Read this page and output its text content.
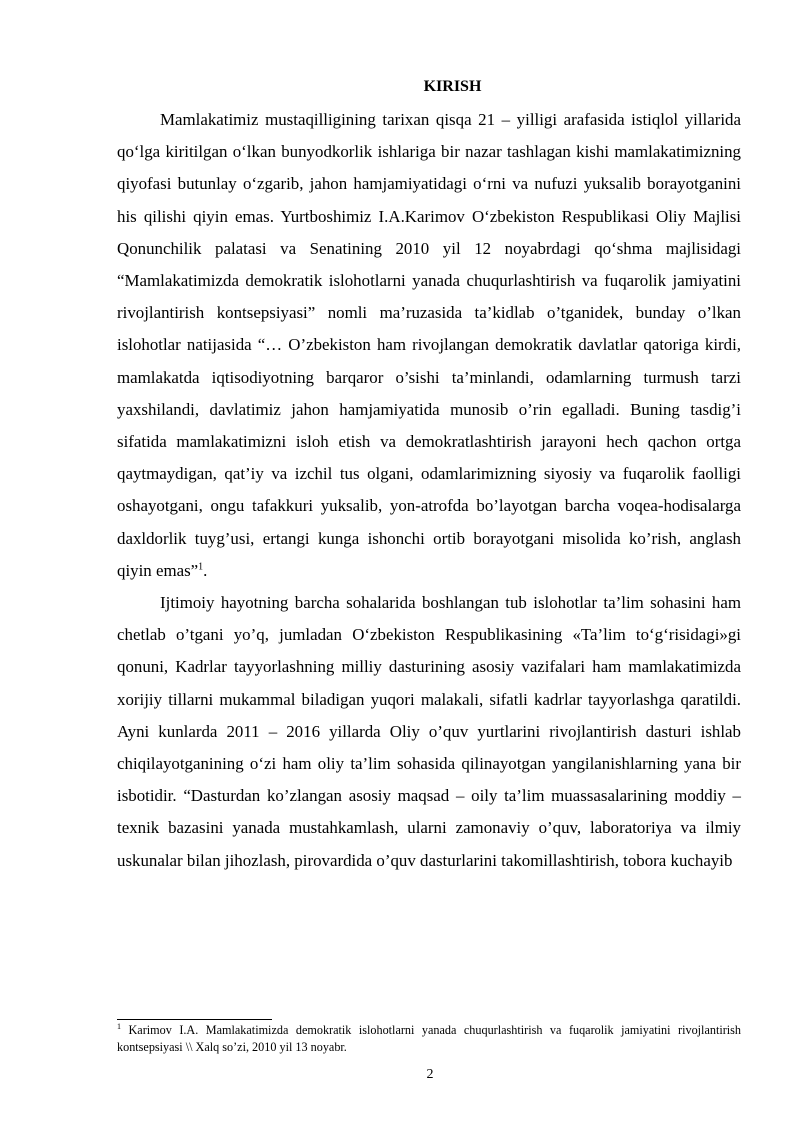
KIRISH

Mamlakatimiz mustaqilligining tarixan qisqa 21 – yilligi arafasida istiqlol yillarida qo‘lga kiritilgan o‘lkan bunyodkorlik ishlariga bir nazar tashlagan kishi mamlakatimizning qiyofasi butunlay o‘zgarib, jahon hamjamiyatidagi o‘rni va nufuzi yuksalib borayotganini his qilishi qiyin emas. Yurtboshimiz I.A.Karimov O‘zbekiston Respublikasi Oliy Majlisi Qonunchilik palatasi va Senatining 2010 yil 12 noyabrdagi qo‘shma majlisidagi “Mamlakatimizda demokratik islohotlarni yanada chuqurlashtirish va fuqarolik jamiyatini rivojlantirish kontsepsiyasi” nomli ma’ruzasida ta’kidlab o’tganidek, bunday o’lkan islohotlar natijasida “… O’zbekiston ham rivojlangan demokratik davlatlar qatoriga kirdi, mamlakatda iqtisodiyotning barqaror o’sishi ta’minlandi, odamlarning turmush tarzi yaxshilandi, davlatimiz jahon hamjamiyatida munosib o’rin egalladi. Buning tasdig’i sifatida mamlakatimizni isloh etish va demokratlashtirish jarayoni hech qachon ortga qaytmaydigan, qat’iy va izchil tus olgani, odamlarimizning siyosiy va fuqarolik faolligi oshayotgani, ongu tafakkuri yuksalib, yon-atrofda bo’layotgan barcha voqea-hodisalarga daxldorlik tuyg’usi, ertangi kunga ishonchi ortib borayotgani misolida ko’rish, anglash qiyin emas”$^1$.

Ijtimoiy hayotning barcha sohalarida boshlangan tub islohotlar ta’lim sohasini ham chetlab o’tgani yo’q, jumladan O‘zbekiston Respublikasining «Ta’lim to‘g‘risidagi»gi qonuni, Kadrlar tayyorlashning milliy dasturining asosiy vazifalari ham mamlakatimizda xorijiy tillarni mukammal biladigan yuqori malakali, sifatli kadrlar tayyorlashga qaratildi. Ayni kunlarda 2011 – 2016 yillarda Oliy o’quv yurtlarini rivojlantirish dasturi ishlab chiqilayotganining o‘zi ham oliy ta’lim sohasida qilinayotgan yangilanishlarning yana bir isbotidir. “Dasturdan ko’zlangan asosiy maqsad – oily ta’lim muassasalarining moddiy – texnik bazasini yanada mustahkamlash, ularni zamonaviy o’quv, laboratoriya va ilmiy uskunalar bilan jihozlash, pirovardida o’quv dasturlarini takomillashtirish, tobora kuchayib

$^1$ Karimov I.A. Mamlakatimizda demokratik islohotlarni yanada chuqurlashtirish va fuqarolik jamiyatini rivojlantirish kontsepsiyasi \\ Xalq so’zi, 2010 yil 13 noyabr.
2
